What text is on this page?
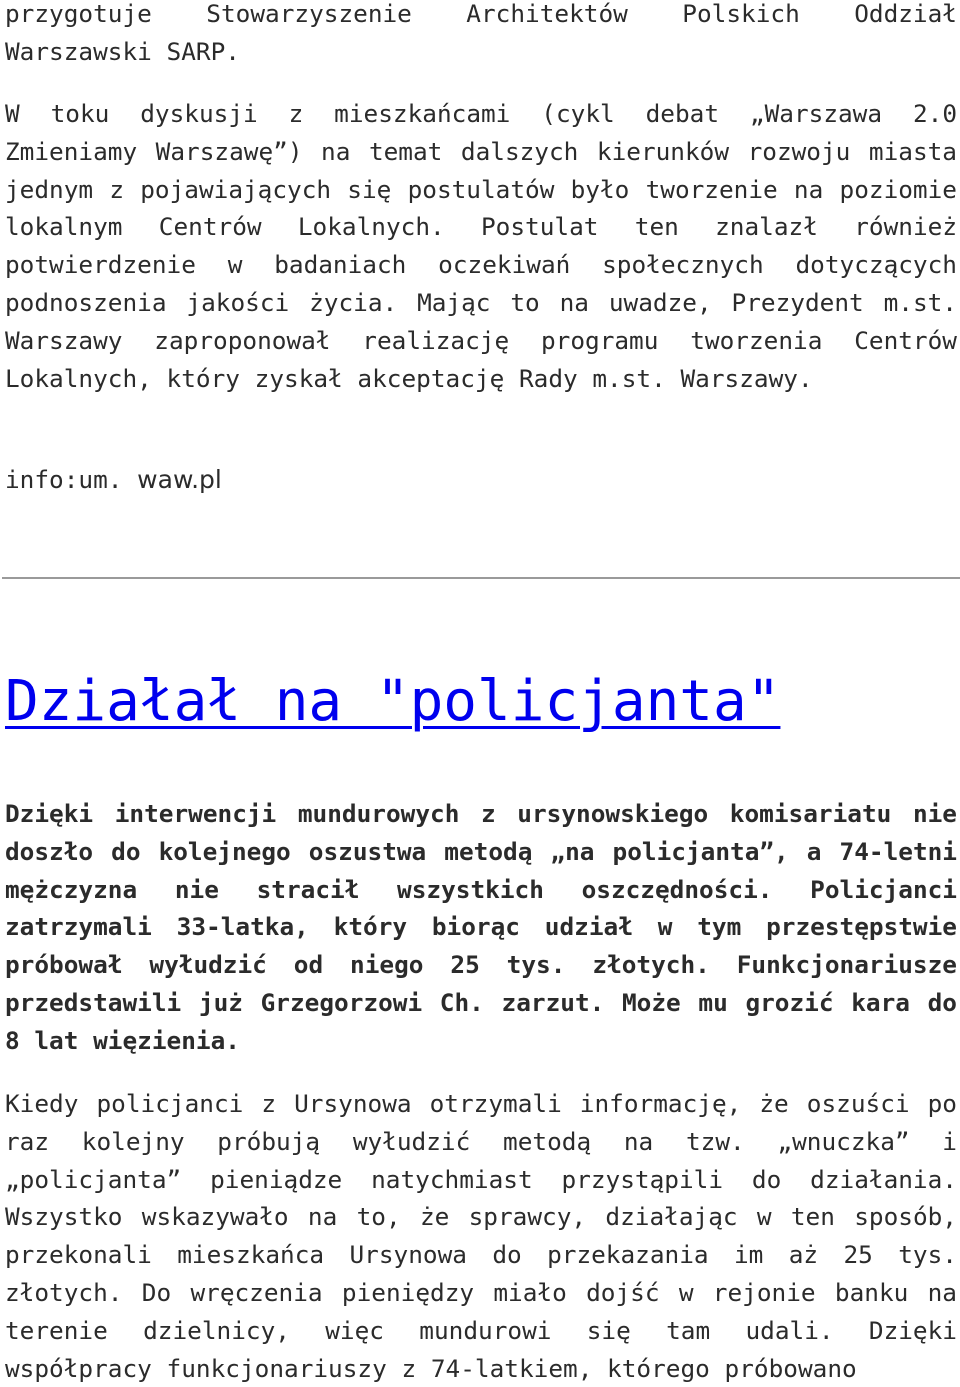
przygotuje Stowarzyszenie Architektów Polskich Oddział Warszawski SARP.

W toku dyskusji z mieszkańcami (cykl debat „Warszawa 2.0 Zmieniamy Warszawę”) na temat dalszych kierunków rozwoju miasta jednym z pojawiających się postulatów było tworzenie na poziomie lokalnym Centrów Lokalnych. Postulat ten znalazł również potwierdzenie w badaniach oczekiwań społecznych dotyczących podnoszenia jakości życia. Mając to na uwadze, Prezydent m.st. Warszawy zaproponował realizację programu tworzenia Centrów Lokalnych, który zyskał akceptację Rady m.st. Warszawy.

info:um. waw.pl

Działał na "policjanta"

Dzięki interwencji mundurowych z ursynowskiego komisariatu nie doszło do kolejnego oszustwa metodą „na policjanta”, a 74-letni mężczyzna nie stracił wszystkich oszczędności. Policjanci zatrzymali 33-latka, który biorąc udział w tym przestępstwie próbował wyłudzić od niego 25 tys. złotych. Funkcjonariusze przedstawili już Grzegorzowi Ch. zarzut. Może mu grozić kara do 8 lat więzienia.

Kiedy policjanci z Ursynowa otrzymali informację, że oszuści po raz kolejny próbują wyłudzić metodą na tzw. „wnuczka” i „policjanta” pieniądze natychmiast przystąpili do działania. Wszystko wskazywało na to, że sprawcy, działając w ten sposób, przekonali mieszkańca Ursynowa do przekazania im aż 25 tys. złotych. Do wręczenia pieniędzy miało dojść w rejonie banku na terenie dzielnicy, więc mundurowi się tam udali. Dzięki współpracy funkcjonariuszy z 74-latkiem, którego próbowano
